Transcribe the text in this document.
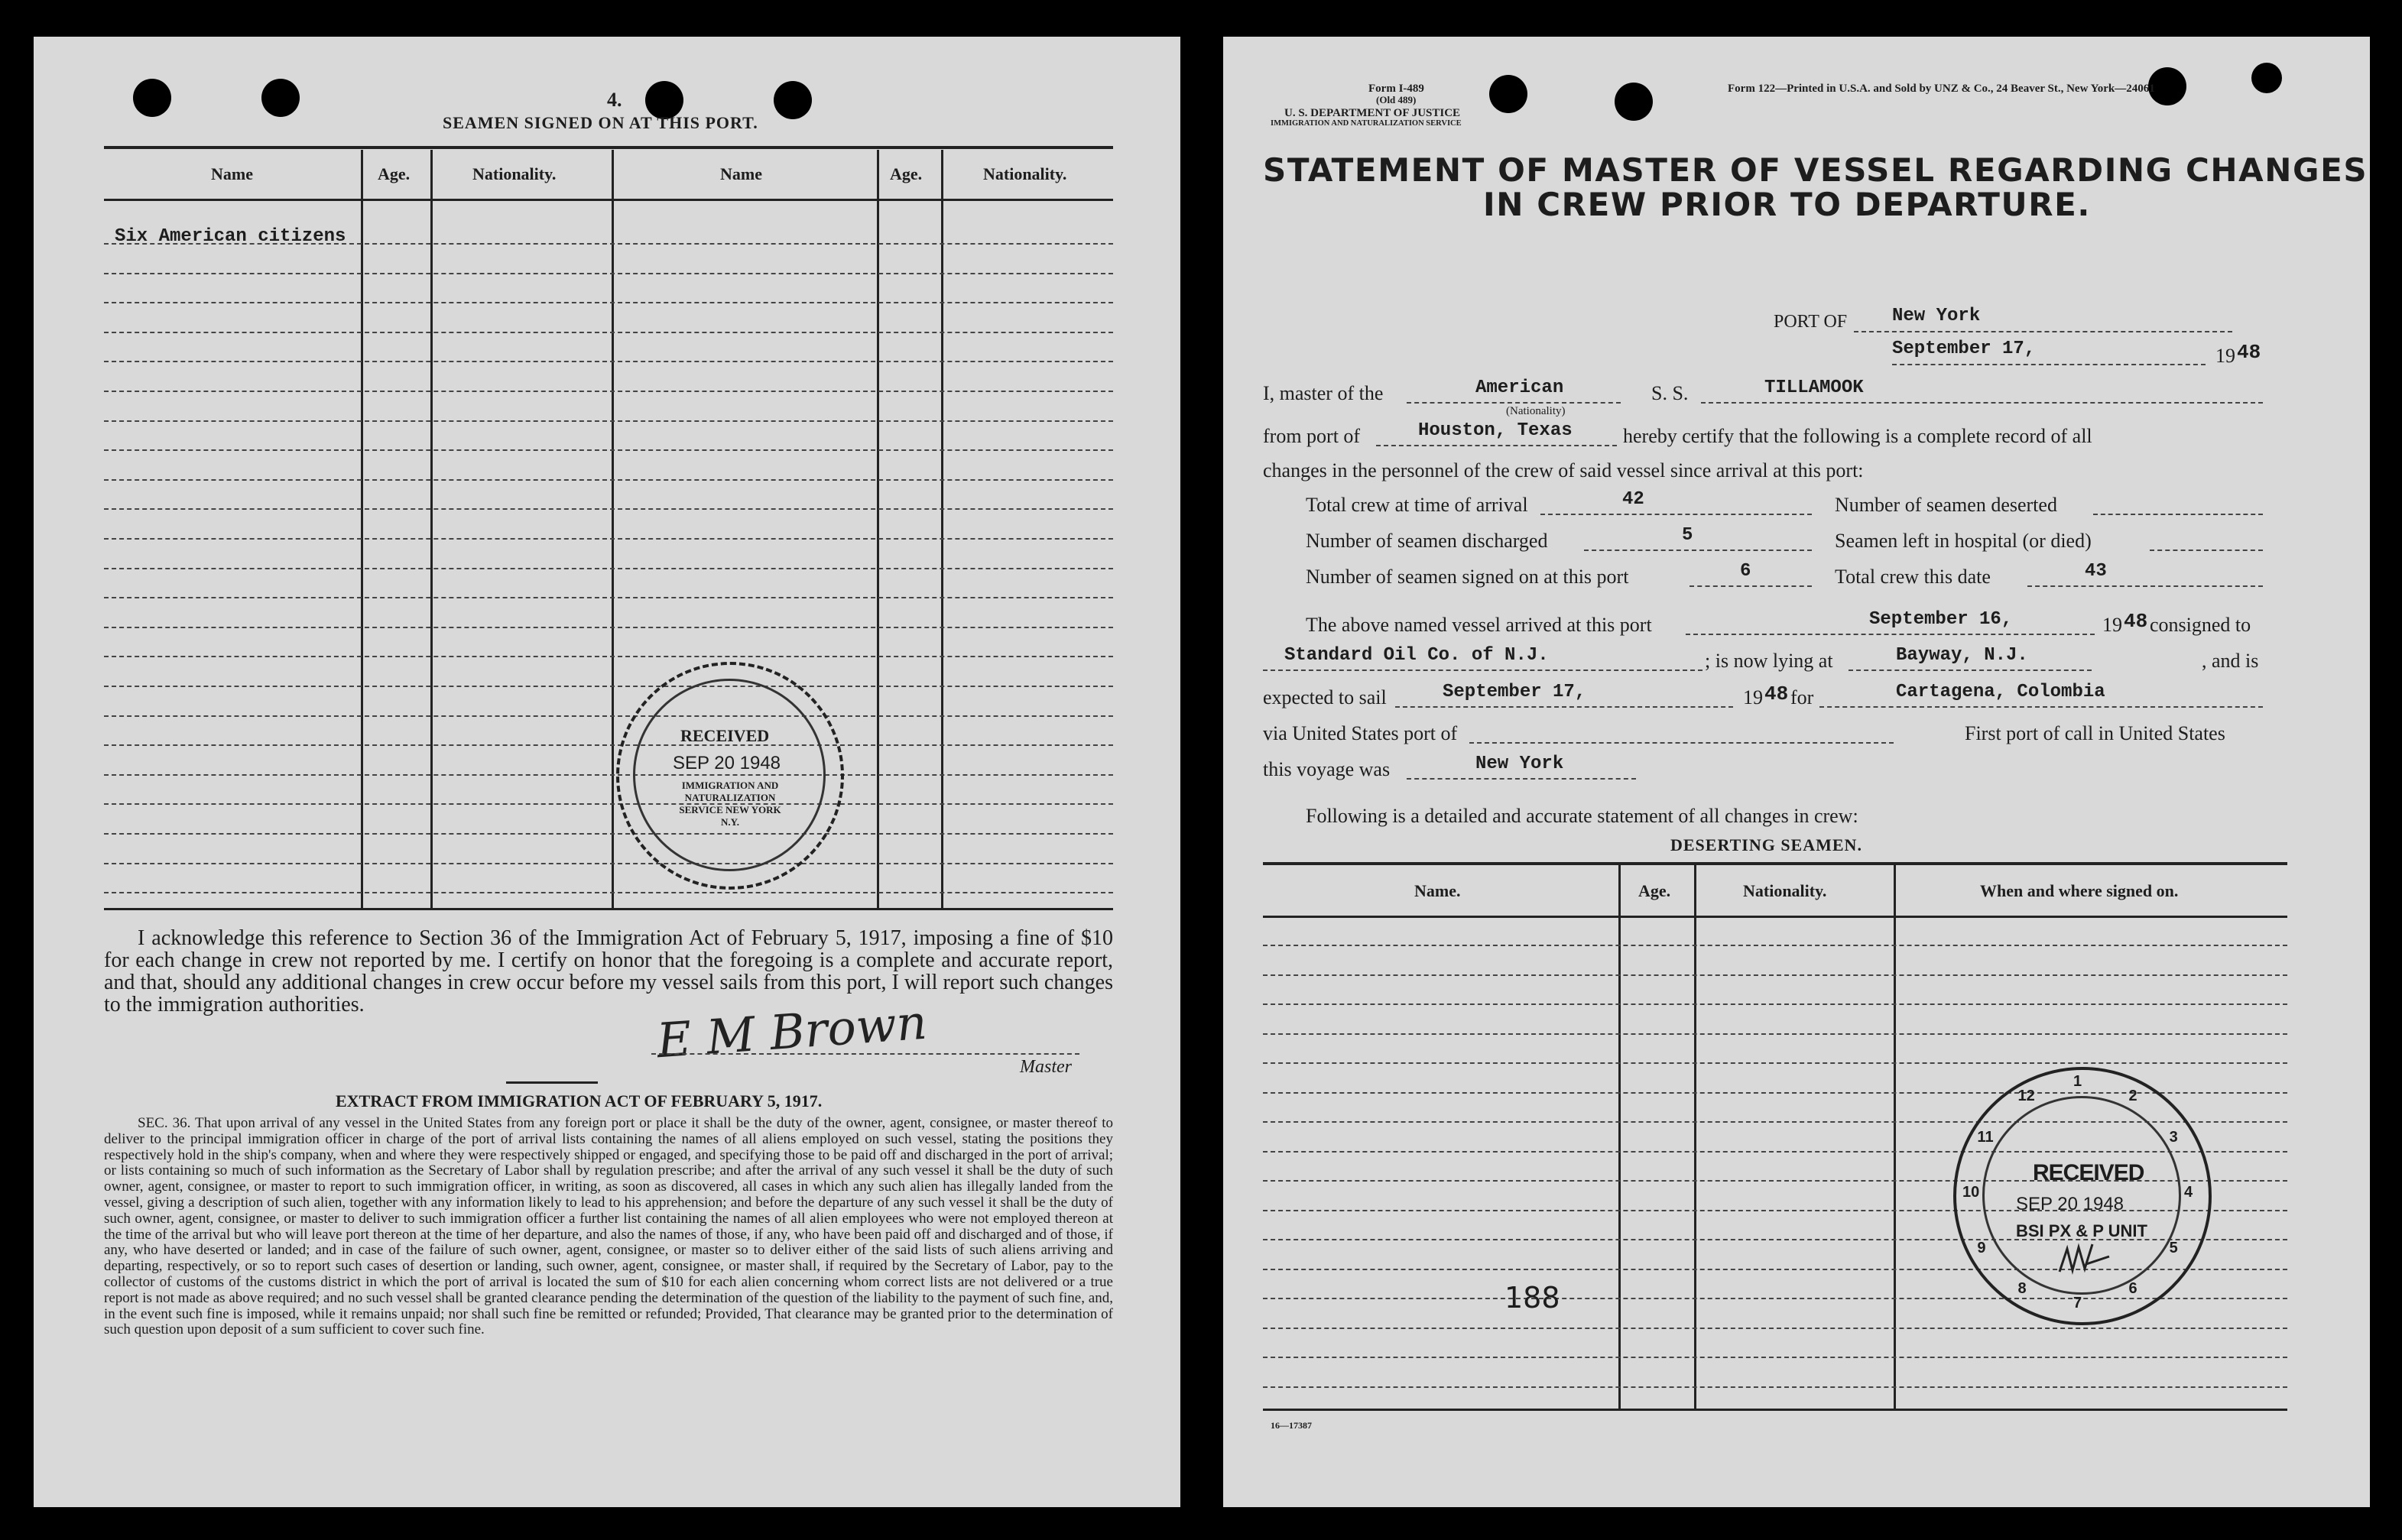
4.
SEAMEN SIGNED ON AT THIS PORT.
Name	Age.	Nationality.	Name	Age.	Nationality.
Six American citizens
RECEIVED
SEP 20 1948
IMMIGRATION AND NATURALIZATION SERVICE NEW YORK N.Y.
I acknowledge this reference to Section 36 of the Immigration Act of February 5, 1917, imposing a fine of $10 for each change in crew not reported by me. I certify on honor that the foregoing is a complete and accurate report, and that, should any additional changes in crew occur before my vessel sails from this port, I will report such changes to the immigration authorities.	E M Brown	Master
EXTRACT FROM IMMIGRATION ACT OF FEBRUARY 5, 1917.
SEC. 36. That upon arrival of any vessel in the United States from any foreign port or place it shall be the duty of the owner, agent, consignee, or master thereof to deliver to the principal immigration officer in charge of the port of arrival lists containing the names of all aliens employed on such vessel, stating the positions they respectively hold in the ship's company, when and where they were respectively shipped or engaged, and specifying those to be paid off and discharged in the port of arrival; or lists containing so much of such information as the Secretary of Labor shall by regulation prescribe; and after the arrival of any such vessel it shall be the duty of such owner, agent, consignee, or master to report to such immigration officer, in writing, as soon as discovered, all cases in which any such alien has illegally landed from the vessel, giving a description of such alien, together with any information likely to lead to his apprehension; and before the departure of any such vessel it shall be the duty of such owner, agent, consignee, or master to deliver to such immigration officer a further list containing the names of all alien employees who were not employed thereon at the time of the arrival but who will leave port thereon at the time of her departure, and also the names of those, if any, who have been paid off and discharged and of those, if any, who have deserted or landed; and in case of the failure of such owner, agent, consignee, or master so to deliver either of the said lists of such aliens arriving and departing, respectively, or so to report such cases of desertion or landing, such owner, agent, consignee, or master shall, if required by the Secretary of Labor, pay to the collector of customs of the customs district in which the port of arrival is located the sum of $10 for each alien concerning whom correct lists are not delivered or a true report is not made as above required; and no such vessel shall be granted clearance pending the determination of the question of the liability to the payment of such fine, and, in the event such fine is imposed, while it remains unpaid; nor shall such fine be remitted or refunded; Provided, That clearance may be granted prior to the determination of such question upon deposit of a sum sufficient to cover such fine.
Form I-489
(Old 489)
U. S. DEPARTMENT OF JUSTICE
IMMIGRATION AND NATURALIZATION SERVICE
Form 122—Printed in U.S.A. and Sold by UNZ & Co., 24 Beaver St., New York—24061
STATEMENT OF MASTER OF VESSEL REGARDING CHANGES
IN CREW PRIOR TO DEPARTURE.
PORT OF New York
September 17,	19 48
I, master of the	American
(Nationality)
S. S.	TILLAMOOK
from port of	Houston, Texas	hereby certify that the following is a complete record of all
changes in the personnel of the crew of said vessel since arrival at this port:
Total crew at time of arrival	42	Number of seamen deserted
Number of seamen discharged	5	Seamen left in hospital (or died)
Number of seamen signed on at this port	6	Total crew this date	43
The above named vessel arrived at this port	September 16,	19 48 consigned to
Standard Oil Co. of N.J.	; is now lying at	Bayway, N.J.	, and is
expected to sail	September 17,	19 48 for	Cartagena, Colombia
via United States port of	First port of call in United States
this voyage was	New York
Following is a detailed and accurate statement of all changes in crew:
DESERTING SEAMEN.
Name.	Age.	Nationality.	When and where signed on.
188
1
2
3
4
5
6
7
8
9
10
11
12
RECEIVED
SEP 20 1948
BSI PX & P UNIT
16—17387
